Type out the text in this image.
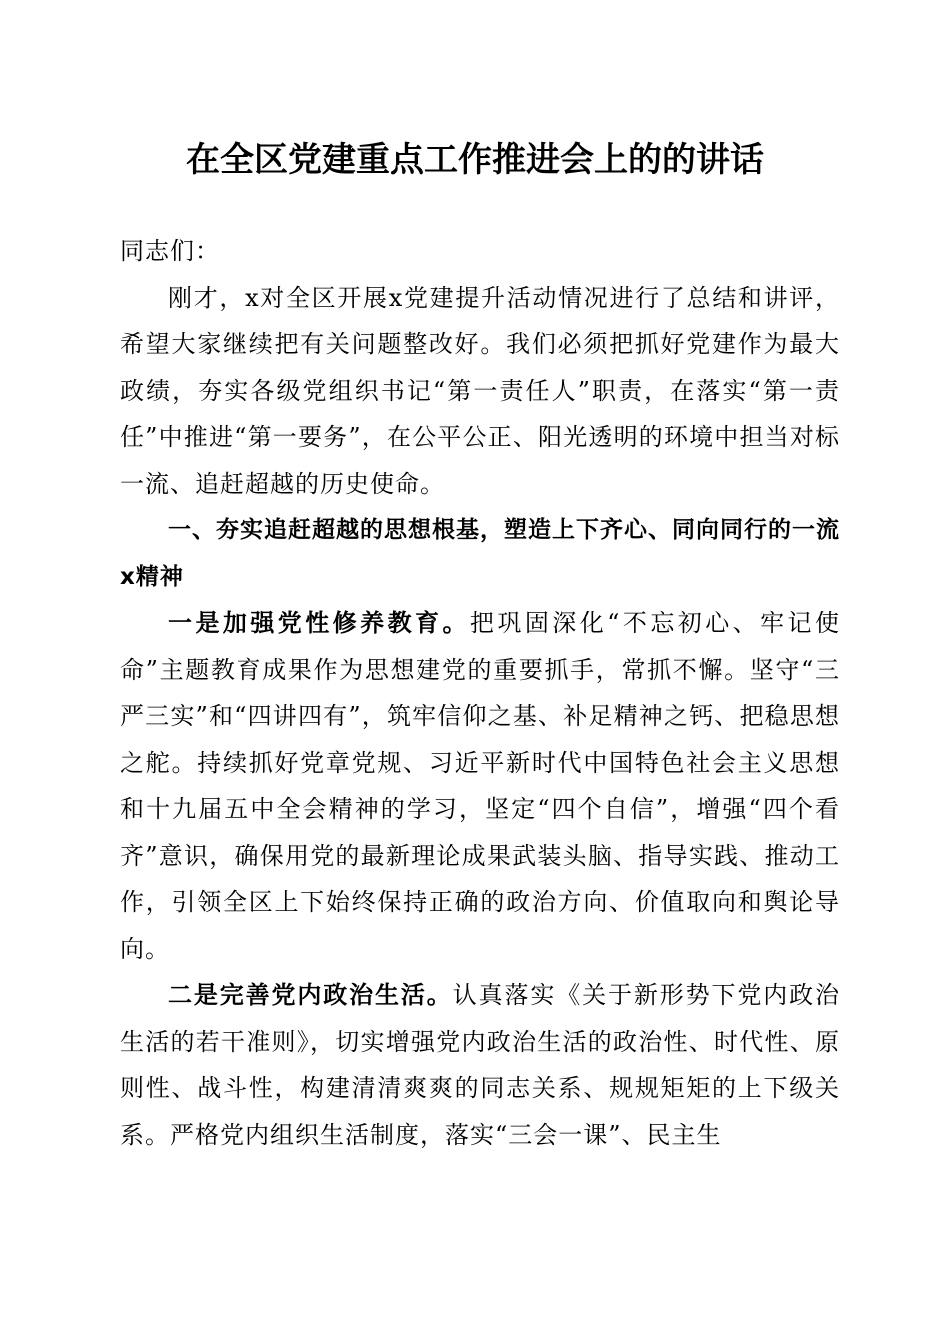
在全区党建重点工作推进会上的的讲话

同志们：

刚才，x对全区开展x党建提升活动情况进行了总结和讲评，希望大家继续把有关问题整改好。我们必须把抓好党建作为最大政绩，夯实各级党组织书记“第一责任人”职责，在落实“第一责任”中推进“第一要务”，在公平公正、阳光透明的环境中担当对标一流、追赶超越的历史使命。

一、夯实追赶超越的思想根基，塑造上下齐心、同向同行的一流x精神

一是加强党性修养教育。把巩固深化“不忘初心、牢记使命”主题教育成果作为思想建党的重要抓手，常抓不懈。坚守“三严三实”和“四讲四有”，筑牢信仰之基、补足精神之钙、把稳思想之舵。持续抓好党章党规、习近平新时代中国特色社会主义思想和十九届五中全会精神的学习，坚定“四个自信”，增强“四个看齐”意识，确保用党的最新理论成果武装头脑、指导实践、推动工作，引领全区上下始终保持正确的政治方向、价值取向和舆论导向。

二是完善党内政治生活。认真落实《关于新形势下党内政治生活的若干准则》，切实增强党内政治生活的政治性、时代性、原则性、战斗性，构建清清爽爽的同志关系、规规矩矩的上下级关系。严格党内组织生活制度，落实“三会一课”、民主生
